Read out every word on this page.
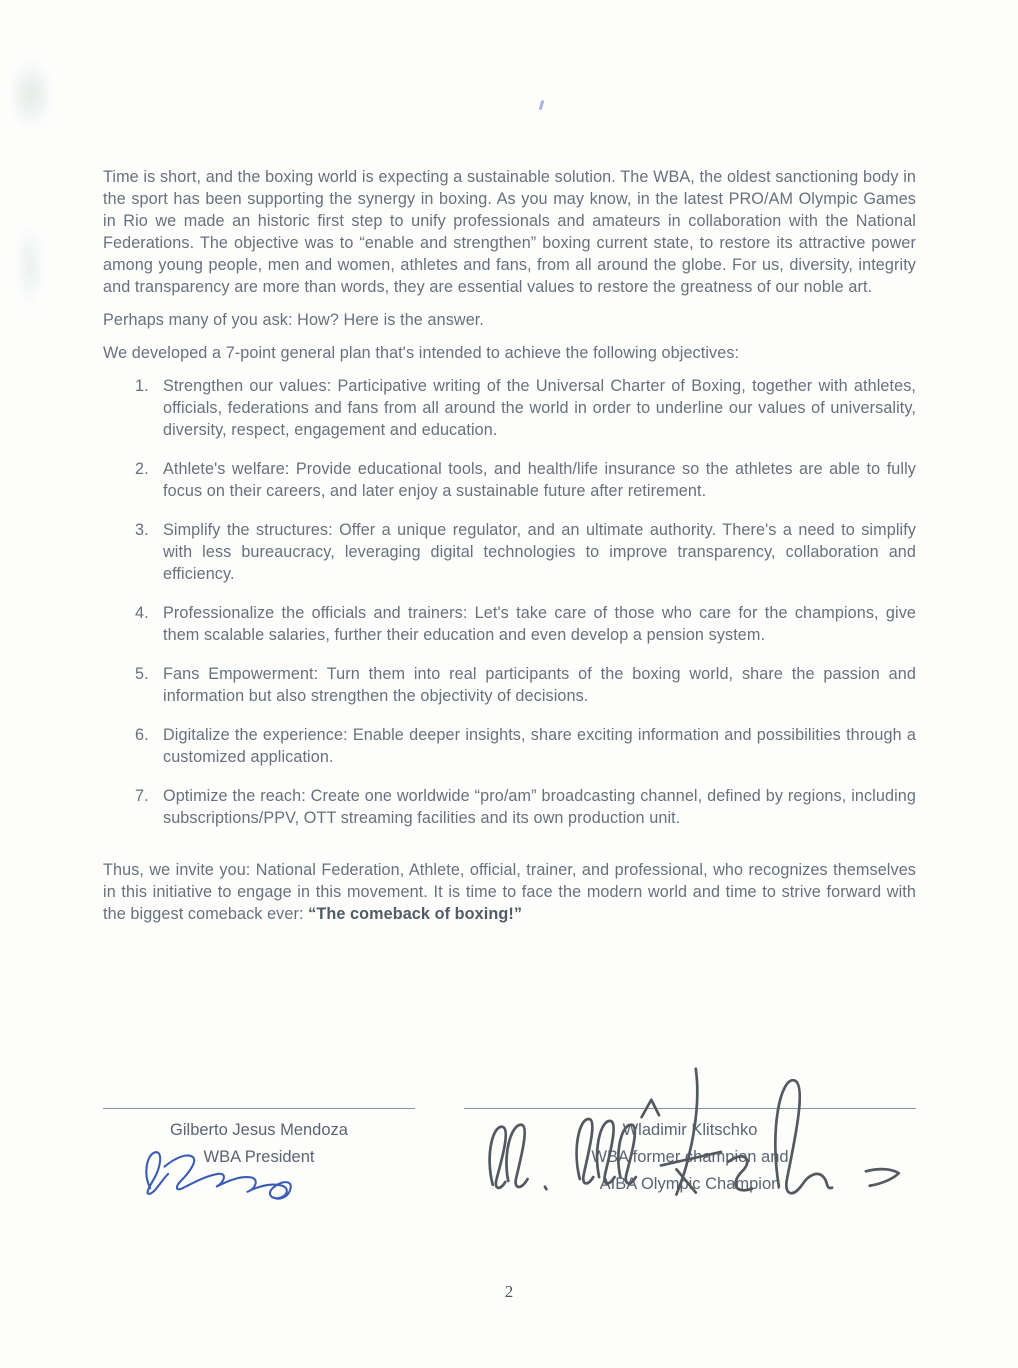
Time is short, and the boxing world is expecting a sustainable solution. The WBA, the oldest sanctioning body in the sport has been supporting the synergy in boxing. As you may know, in the latest PRO/AM Olympic Games in Rio we made an historic first step to unify professionals and amateurs in collaboration with the National Federations. The objective was to “enable and strengthen” boxing current state, to restore its attractive power among young people, men and women, athletes and fans, from all around the globe. For us, diversity, integrity and transparency are more than words, they are essential values to restore the greatness of our noble art.

Perhaps many of you ask: How? Here is the answer.

We developed a 7-point general plan that's intended to achieve the following objectives:

1. Strengthen our values: Participative writing of the Universal Charter of Boxing, together with athletes, officials, federations and fans from all around the world in order to underline our values of universality, diversity, respect, engagement and education.
2. Athlete's welfare: Provide educational tools, and health/life insurance so the athletes are able to fully focus on their careers, and later enjoy a sustainable future after retirement.
3. Simplify the structures: Offer a unique regulator, and an ultimate authority. There's a need to simplify with less bureaucracy, leveraging digital technologies to improve transparency, collaboration and efficiency.
4. Professionalize the officials and trainers: Let's take care of those who care for the champions, give them scalable salaries, further their education and even develop a pension system.
5. Fans Empowerment: Turn them into real participants of the boxing world, share the passion and information but also strengthen the objectivity of decisions.
6. Digitalize the experience: Enable deeper insights, share exciting information and possibilities through a customized application.
7. Optimize the reach: Create one worldwide “pro/am” broadcasting channel, defined by regions, including subscriptions/PPV, OTT streaming facilities and its own production unit.

Thus, we invite you: National Federation, Athlete, official, trainer, and professional, who recognizes themselves in this initiative to engage in this movement. It is time to face the modern world and time to strive forward with the biggest comeback ever: “The comeback of boxing!”

Gilberto Jesus Mendoza
WBA President
Wladimir Klitschko
WBA former champion and
AIBA Olympic Champion
2
